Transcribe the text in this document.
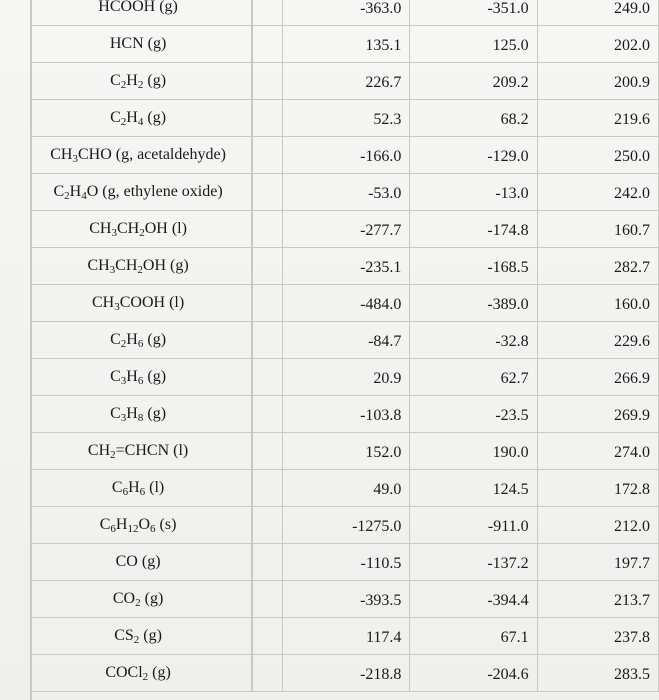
HCOOH (g)		-363.0	-351.0	249.0
HCN (g)		135.1	125.0	202.0
$C_2H_2$ (g)		226.7	209.2	200.9
$C_2H_4$ (g)		52.3	68.2	219.6
$CH_3CHO$ (g, acetaldehyde)		-166.0	-129.0	250.0
$C_2H_4O$ (g, ethylene oxide)		-53.0	-13.0	242.0
$CH_3CH_2OH$ (l)		-277.7	-174.8	160.7
$CH_3CH_2OH$ (g)		-235.1	-168.5	282.7
$CH_3COOH$ (l)		-484.0	-389.0	160.0
$C_2H_6$ (g)		-84.7	-32.8	229.6
$C_3H_6$ (g)		20.9	62.7	266.9
$C_3H_8$ (g)		-103.8	-23.5	269.9
$CH_2=CHCN$ (l)		152.0	190.0	274.0
$C_6H_6$ (l)		49.0	124.5	172.8
$C_6H_{12}O_6$ (s)		-1275.0	-911.0	212.0
CO (g)		-110.5	-137.2	197.7
$CO_2$ (g)		-393.5	-394.4	213.7
$CS_2$ (g)		117.4	67.1	237.8
COCl$_2$ (g)		-218.8	-204.6	283.5
